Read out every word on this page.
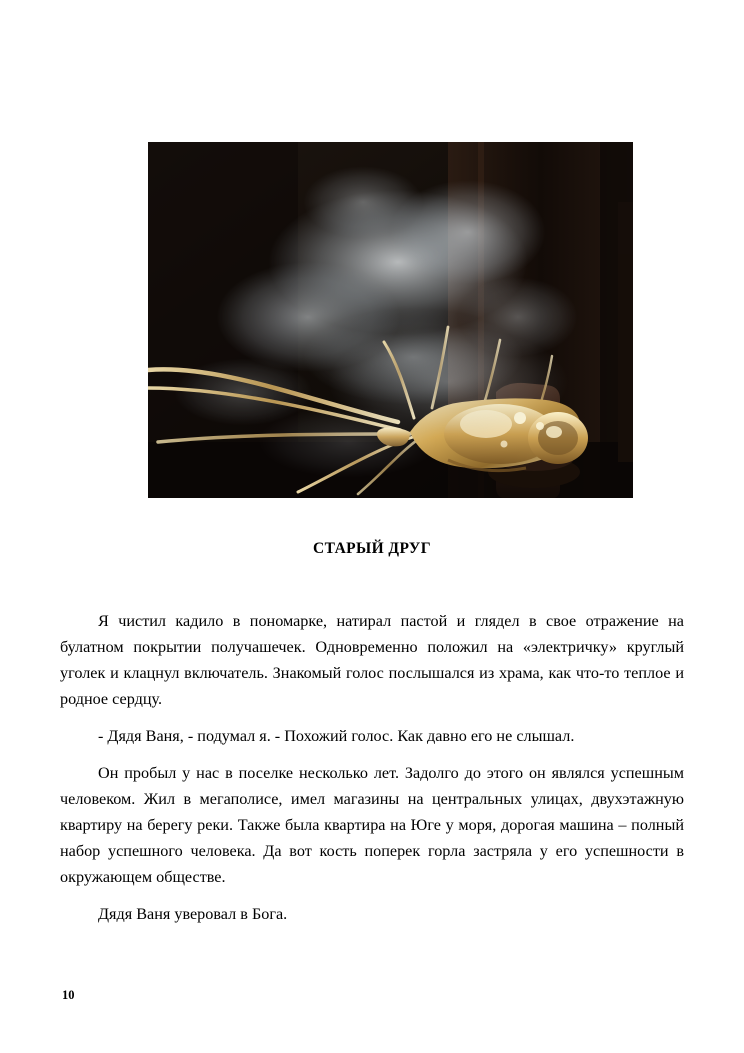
СТАРЫЙ ДРУГ

Я чистил кадило в пономарке, натирал пастой и глядел в свое отражение на булатном покрытии получашечек. Одновременно положил на «электричку» круглый уголек и клацнул включатель. Знакомый голос послышался из храма, как что-то теплое и родное сердцу.

- Дядя Ваня, - подумал я. - Похожий голос. Как давно его не слышал.

Он пробыл у нас в поселке несколько лет. Задолго до этого он являлся успешным человеком. Жил в мегаполисе, имел магазины на центральных улицах, двухэтажную квартиру на берегу реки. Также была квартира на Юге у моря, дорогая машина – полный набор успешного человека. Да вот кость поперек горла застряла у его успешности в окружающем обществе.

Дядя Ваня уверовал в Бога.

10
